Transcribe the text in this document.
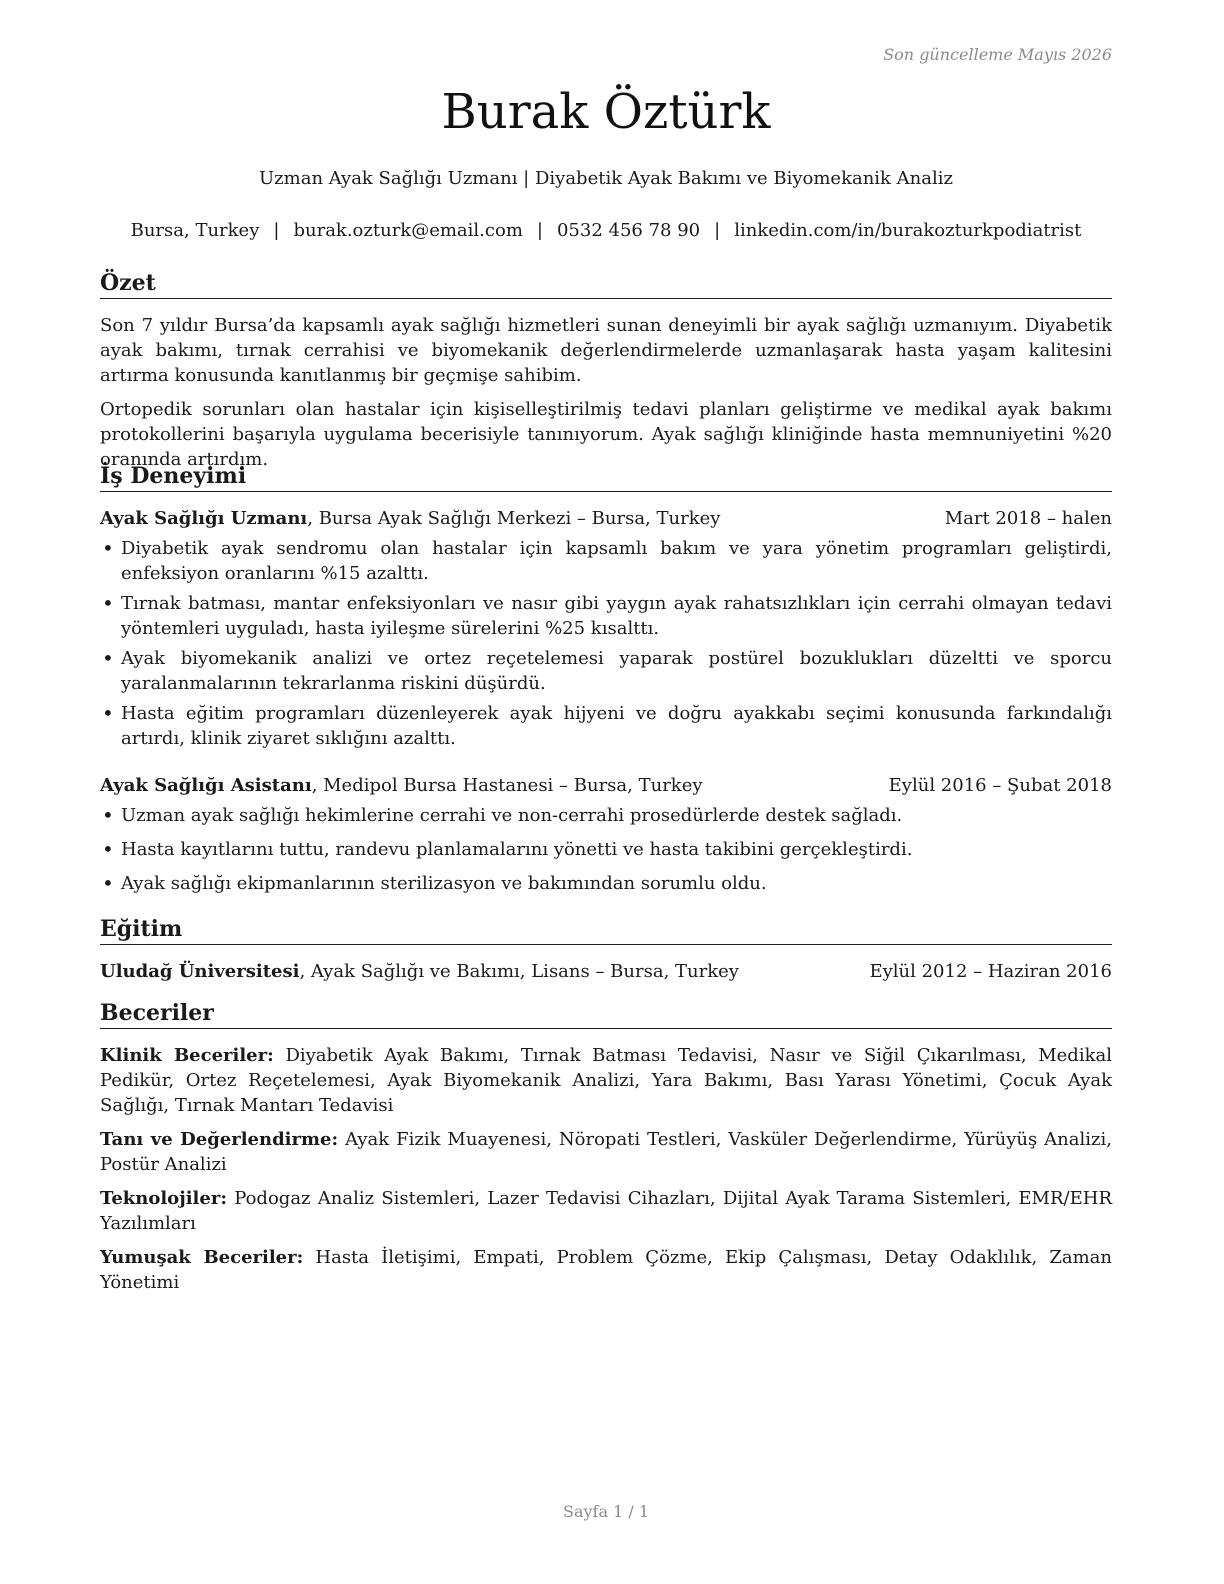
Son güncelleme Mayıs 2026
Burak Öztürk
Uzman Ayak Sağlığı Uzmanı | Diyabetik Ayak Bakımı ve Biyomekanik Analiz
Bursa, Turkey | burak.ozturk@email.com | 0532 456 78 90 | linkedin.com/in/burakozturkpodiatrist
Özet

Son 7 yıldır Bursa’da kapsamlı ayak sağlığı hizmetleri sunan deneyimli bir ayak sağlığı uzmanıyım. Diyabetik ayak bakımı, tırnak cerrahisi ve biyomekanik değerlendirmelerde uzmanlaşarak hasta yaşam kalitesini artırma konusunda kanıtlanmış bir geçmişe sahibim.

Ortopedik sorunları olan hastalar için kişiselleştirilmiş tedavi planları geliştirme ve medikal ayak bakımı protokollerini başarıyla uygulama becerisiyle tanınıyorum. Ayak sağlığı kliniğinde hasta memnuniyetini %20 oranında artırdım.

İş Deneyimi
Ayak Sağlığı Uzmanı, Bursa Ayak Sağlığı Merkezi – Bursa, Turkey	Mart 2018 – halen
• Diyabetik ayak sendromu olan hastalar için kapsamlı bakım ve yara yönetim programları geliştirdi, enfeksiyon oranlarını %15 azalttı.
• Tırnak batması, mantar enfeksiyonları ve nasır gibi yaygın ayak rahatsızlıkları için cerrahi olmayan tedavi yöntemleri uyguladı, hasta iyileşme sürelerini %25 kısalttı.
• Ayak biyomekanik analizi ve ortez reçetelemesi yaparak postürel bozuklukları düzeltti ve sporcu yaralanmalarının tekrarlanma riskini düşürdü.
• Hasta eğitim programları düzenleyerek ayak hijyeni ve doğru ayakkabı seçimi konusunda farkındalığı artırdı, klinik ziyaret sıklığını azalttı.
Ayak Sağlığı Asistanı, Medipol Bursa Hastanesi – Bursa, Turkey	Eylül 2016 – Şubat 2018
• Uzman ayak sağlığı hekimlerine cerrahi ve non-cerrahi prosedürlerde destek sağladı.
• Hasta kayıtlarını tuttu, randevu planlamalarını yönetti ve hasta takibini gerçekleştirdi.
• Ayak sağlığı ekipmanlarının sterilizasyon ve bakımından sorumlu oldu.
Eğitim
Uludağ Üniversitesi, Ayak Sağlığı ve Bakımı, Lisans – Bursa, Turkey	Eylül 2012 – Haziran 2016
Beceriler

Klinik Beceriler: Diyabetik Ayak Bakımı, Tırnak Batması Tedavisi, Nasır ve Siğil Çıkarılması, Medikal Pedikür, Ortez Reçetelemesi, Ayak Biyomekanik Analizi, Yara Bakımı, Bası Yarası Yönetimi, Çocuk Ayak Sağlığı, Tırnak Mantarı Tedavisi

Tanı ve Değerlendirme: Ayak Fizik Muayenesi, Nöropati Testleri, Vasküler Değerlendirme, Yürüyüş Analizi, Postür Analizi

Teknolojiler: Podogaz Analiz Sistemleri, Lazer Tedavisi Cihazları, Dijital Ayak Tarama Sistemleri, EMR/EHR Yazılımları

Yumuşak Beceriler: Hasta İletişimi, Empati, Problem Çözme, Ekip Çalışması, Detay Odaklılık, Zaman Yönetimi

Sayfa 1 / 1
